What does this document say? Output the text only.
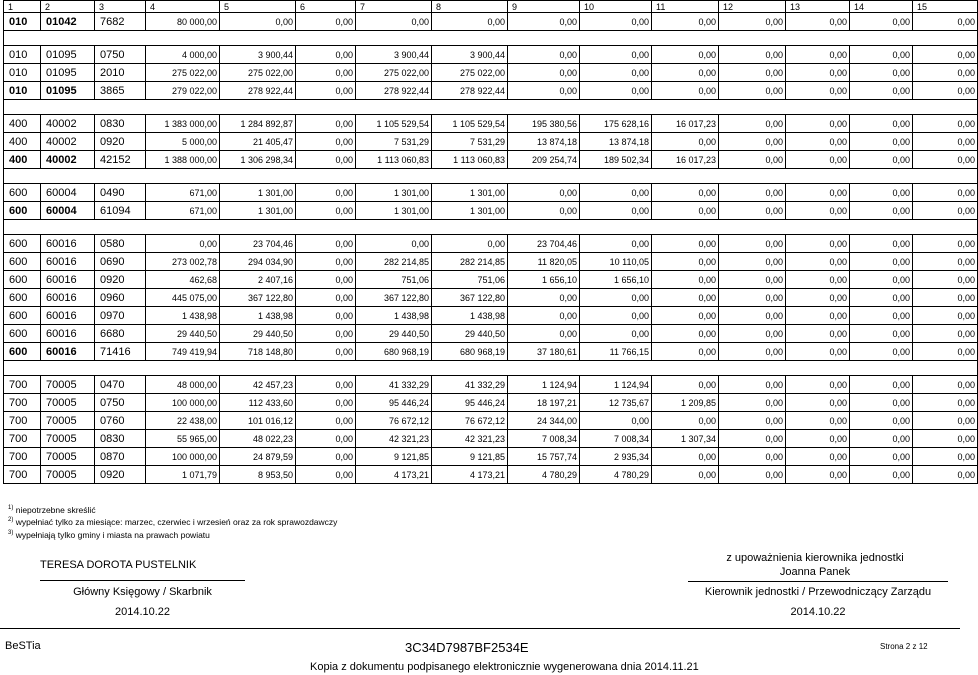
1	2	3	4	5	6	7	8	9	10	11	12	13	14	15
010	01042	7682	80 000,00	0,00	0,00	0,00	0,00	0,00	0,00	0,00	0,00	0,00	0,00	0,00

010	01095	0750	4 000,00	3 900,44	0,00	3 900,44	3 900,44	0,00	0,00	0,00	0,00	0,00	0,00	0,00
010	01095	2010	275 022,00	275 022,00	0,00	275 022,00	275 022,00	0,00	0,00	0,00	0,00	0,00	0,00	0,00
010	01095	3865	279 022,00	278 922,44	0,00	278 922,44	278 922,44	0,00	0,00	0,00	0,00	0,00	0,00	0,00

400	40002	0830	1 383 000,00	1 284 892,87	0,00	1 105 529,54	1 105 529,54	195 380,56	175 628,16	16 017,23	0,00	0,00	0,00	0,00
400	40002	0920	5 000,00	21 405,47	0,00	7 531,29	7 531,29	13 874,18	13 874,18	0,00	0,00	0,00	0,00	0,00
400	40002	42152	1 388 000,00	1 306 298,34	0,00	1 113 060,83	1 113 060,83	209 254,74	189 502,34	16 017,23	0,00	0,00	0,00	0,00

600	60004	0490	671,00	1 301,00	0,00	1 301,00	1 301,00	0,00	0,00	0,00	0,00	0,00	0,00	0,00
600	60004	61094	671,00	1 301,00	0,00	1 301,00	1 301,00	0,00	0,00	0,00	0,00	0,00	0,00	0,00

600	60016	0580	0,00	23 704,46	0,00	0,00	0,00	23 704,46	0,00	0,00	0,00	0,00	0,00	0,00
600	60016	0690	273 002,78	294 034,90	0,00	282 214,85	282 214,85	11 820,05	10 110,05	0,00	0,00	0,00	0,00	0,00
600	60016	0920	462,68	2 407,16	0,00	751,06	751,06	1 656,10	1 656,10	0,00	0,00	0,00	0,00	0,00
600	60016	0960	445 075,00	367 122,80	0,00	367 122,80	367 122,80	0,00	0,00	0,00	0,00	0,00	0,00	0,00
600	60016	0970	1 438,98	1 438,98	0,00	1 438,98	1 438,98	0,00	0,00	0,00	0,00	0,00	0,00	0,00
600	60016	6680	29 440,50	29 440,50	0,00	29 440,50	29 440,50	0,00	0,00	0,00	0,00	0,00	0,00	0,00
600	60016	71416	749 419,94	718 148,80	0,00	680 968,19	680 968,19	37 180,61	11 766,15	0,00	0,00	0,00	0,00	0,00

700	70005	0470	48 000,00	42 457,23	0,00	41 332,29	41 332,29	1 124,94	1 124,94	0,00	0,00	0,00	0,00	0,00
700	70005	0750	100 000,00	112 433,60	0,00	95 446,24	95 446,24	18 197,21	12 735,67	1 209,85	0,00	0,00	0,00	0,00
700	70005	0760	22 438,00	101 016,12	0,00	76 672,12	76 672,12	24 344,00	0,00	0,00	0,00	0,00	0,00	0,00
700	70005	0830	55 965,00	48 022,23	0,00	42 321,23	42 321,23	7 008,34	7 008,34	1 307,34	0,00	0,00	0,00	0,00
700	70005	0870	100 000,00	24 879,59	0,00	9 121,85	9 121,85	15 757,74	2 935,34	0,00	0,00	0,00	0,00	0,00
700	70005	0920	1 071,79	8 953,50	0,00	4 173,21	4 173,21	4 780,29	4 780,29	0,00	0,00	0,00	0,00	0,00
$^{1)}$ niepotrzebne skreślić
$^{2)}$ wypełniać tylko za miesiące: marzec, czerwiec i wrzesień oraz za rok sprawozdawczy
$^{3)}$ wypełniają tylko gminy i miasta na prawach powiatu
TERESA DOROTA PUSTELNIK
Główny Księgowy / Skarbnik
2014.10.22
z upoważnienia kierownika jednostki
Joanna Panek
Kierownik jednostki / Przewodniczący Zarządu
2014.10.22
BeSTia	3C34D7987BF2534E	Strona 2 z 12
Kopia z dokumentu podpisanego elektronicznie wygenerowana dnia 2014.11.21
